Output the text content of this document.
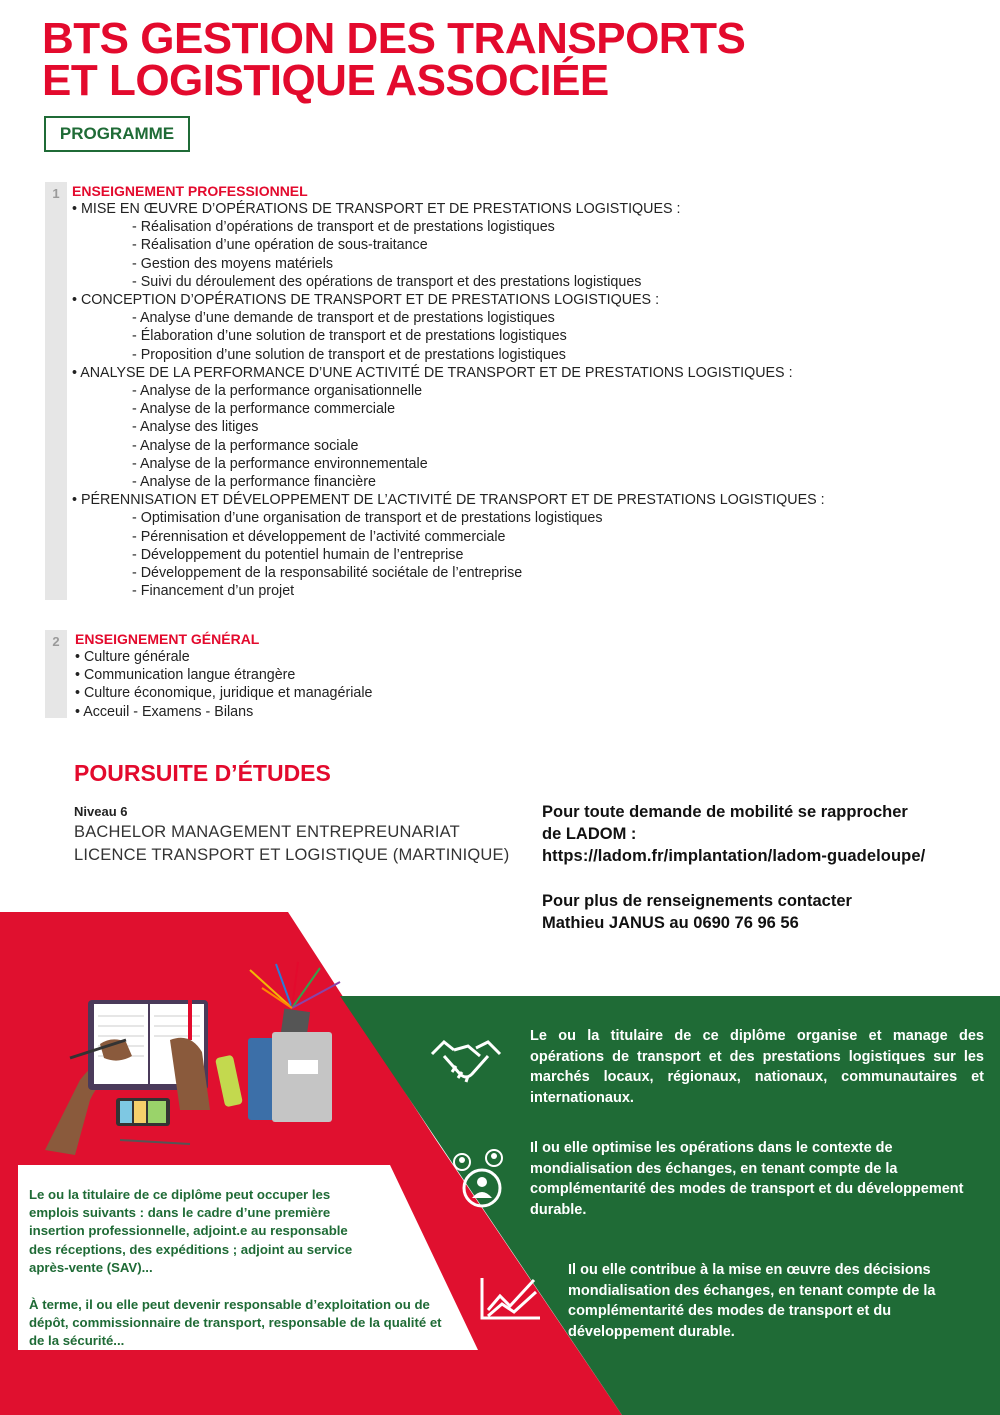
BTS GESTION DES TRANSPORTS
ET LOGISTIQUE ASSOCIÉE
PROGRAMME
1 ENSEIGNEMENT PROFESSIONNEL
• MISE EN ŒUVRE D’OPÉRATIONS DE TRANSPORT ET DE PRESTATIONS LOGISTIQUES :
- Réalisation d’opérations de transport et de prestations logistiques
- Réalisation d’une opération de sous-traitance
- Gestion des moyens matériels
- Suivi du déroulement des opérations de transport et des prestations logistiques
• CONCEPTION D’OPÉRATIONS DE TRANSPORT ET DE PRESTATIONS LOGISTIQUES :
- Analyse d’une demande de transport et de prestations logistiques
- Élaboration d’une solution de transport et de prestations logistiques
- Proposition d’une solution de transport et de prestations logistiques
• ANALYSE DE LA PERFORMANCE D’UNE ACTIVITÉ DE TRANSPORT ET DE PRESTATIONS LOGISTIQUES :
- Analyse de la performance organisationnelle
- Analyse de la performance commerciale
- Analyse des litiges
- Analyse de la performance sociale
- Analyse de la performance environnementale
- Analyse de la performance financière
• PÉRENNISATION ET DÉVELOPPEMENT DE L’ACTIVITÉ DE TRANSPORT ET DE PRESTATIONS LOGISTIQUES :
- Optimisation d’une organisation de transport et de prestations logistiques
- Pérennisation et développement de l’activité commerciale
- Développement du potentiel humain de l’entreprise
- Développement de la responsabilité sociétale de l’entreprise
- Financement d’un projet
2	ENSEIGNEMENT GÉNÉRAL
• Culture générale
• Communication langue étrangère
• Culture économique, juridique et managériale
• Acceuil - Examens - Bilans
POURSUITE D’ÉTUDES
Niveau 6
BACHELOR MANAGEMENT ENTREPREUNARIAT
LICENCE TRANSPORT ET LOGISTIQUE (MARTINIQUE)
Pour toute demande de mobilité se rapprocher
de LADOM :
https://ladom.fr/implantation/ladom-guadeloupe/
Pour plus de renseignements contacter
Mathieu JANUS au 0690 76 96 56
Le ou la titulaire de ce diplôme peut occuper les emplois suivants : dans le cadre d’une première insertion professionnelle, adjoint.e au responsable des réceptions, des expéditions ; adjoint au service après-vente (SAV)...
À terme, il ou elle peut devenir responsable d’exploitation ou de dépôt, commissionnaire de transport, responsable de la qualité et de la sécurité...
Le ou la titulaire de ce diplôme organise et manage des opérations de transport et des prestations logistiques sur les marchés locaux, régionaux, nationaux, communautaires et internationaux.
Il ou elle optimise les opérations dans le contexte de mondialisation des échanges, en tenant compte de la complémentarité des modes de transport et du développement durable.
Il ou elle contribue à la mise en œuvre des décisions mondialisation des échanges, en tenant compte de la complémentarité des modes de transport et du développement durable.
